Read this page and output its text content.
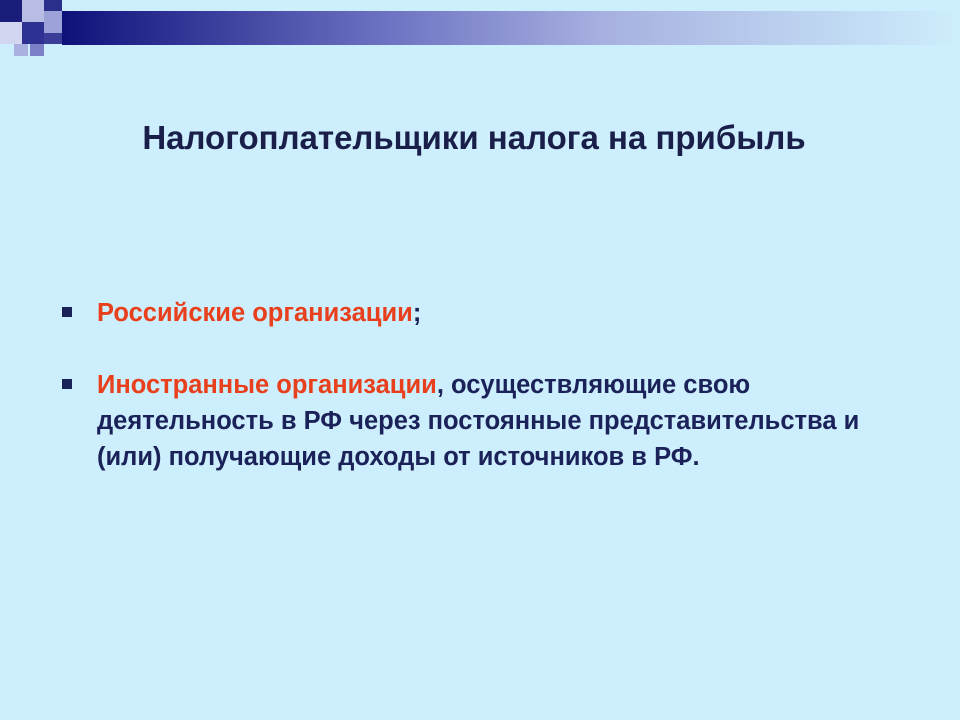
Налогоплательщики налога на прибыль
Российские организации;
Иностранные организации, осуществляющие свою деятельность в РФ через постоянные представительства и (или) получающие доходы от источников в РФ.
